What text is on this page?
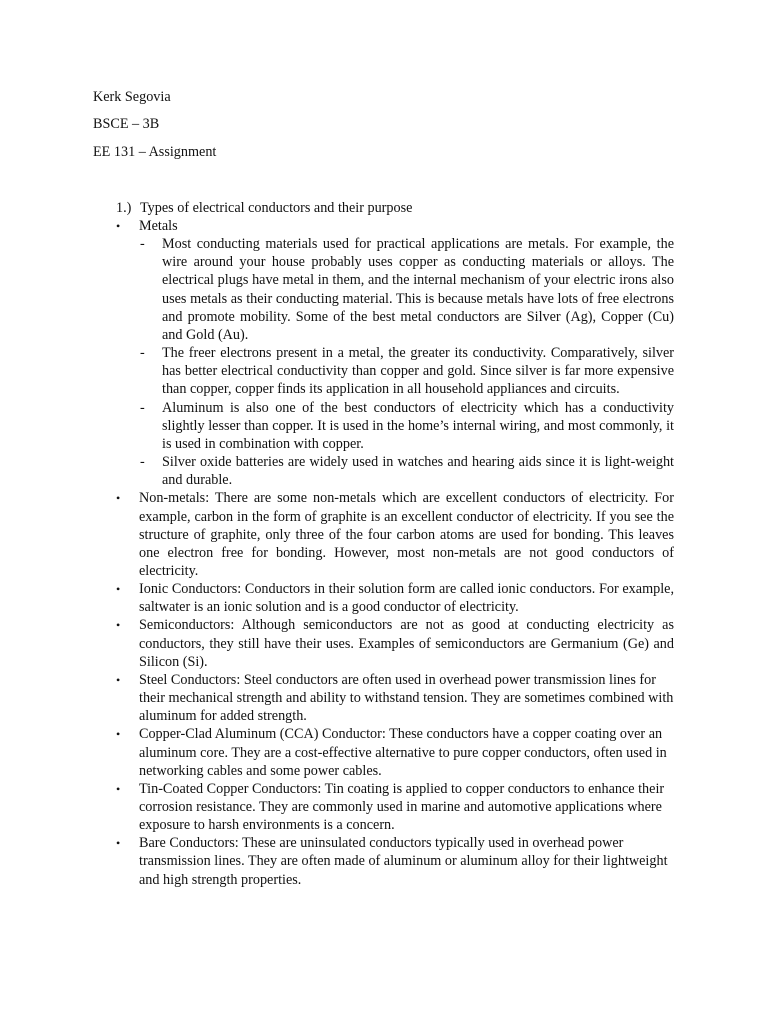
Kerk Segovia
BSCE – 3B
EE 131 – Assignment
1.) Types of electrical conductors and their purpose
•	Metals
- Most conducting materials used for practical applications are metals. For example, the wire around your house probably uses copper as conducting materials or alloys. The electrical plugs have metal in them, and the internal mechanism of your electric irons also uses metals as their conducting material. This is because metals have lots of free electrons and promote mobility. Some of the best metal conductors are Silver (Ag), Copper (Cu) and Gold (Au).
- The freer electrons present in a metal, the greater its conductivity. Comparatively, silver has better electrical conductivity than copper and gold. Since silver is far more expensive than copper, copper finds its application in all household appliances and circuits.
- Aluminum is also one of the best conductors of electricity which has a conductivity slightly lesser than copper. It is used in the home’s internal wiring, and most commonly, it is used in combination with copper.
- Silver oxide batteries are widely used in watches and hearing aids since it is light-weight and durable.
•	Non-metals: There are some non-metals which are excellent conductors of electricity. For example, carbon in the form of graphite is an excellent conductor of electricity. If you see the structure of graphite, only three of the four carbon atoms are used for bonding. This leaves one electron free for bonding. However, most non-metals are not good conductors of electricity.
•	Ionic Conductors: Conductors in their solution form are called ionic conductors. For example, saltwater is an ionic solution and is a good conductor of electricity.
•	Semiconductors: Although semiconductors are not as good at conducting electricity as conductors, they still have their uses. Examples of semiconductors are Germanium (Ge) and Silicon (Si).
•	Steel Conductors: Steel conductors are often used in overhead power transmission lines for their mechanical strength and ability to withstand tension. They are sometimes combined with aluminum for added strength.
•	Copper-Clad Aluminum (CCA) Conductor: These conductors have a copper coating over an aluminum core. They are a cost-effective alternative to pure copper conductors, often used in networking cables and some power cables.
•	Tin-Coated Copper Conductors: Tin coating is applied to copper conductors to enhance their corrosion resistance. They are commonly used in marine and automotive applications where exposure to harsh environments is a concern.
•	Bare Conductors: These are uninsulated conductors typically used in overhead power transmission lines. They are often made of aluminum or aluminum alloy for their lightweight and high strength properties.
